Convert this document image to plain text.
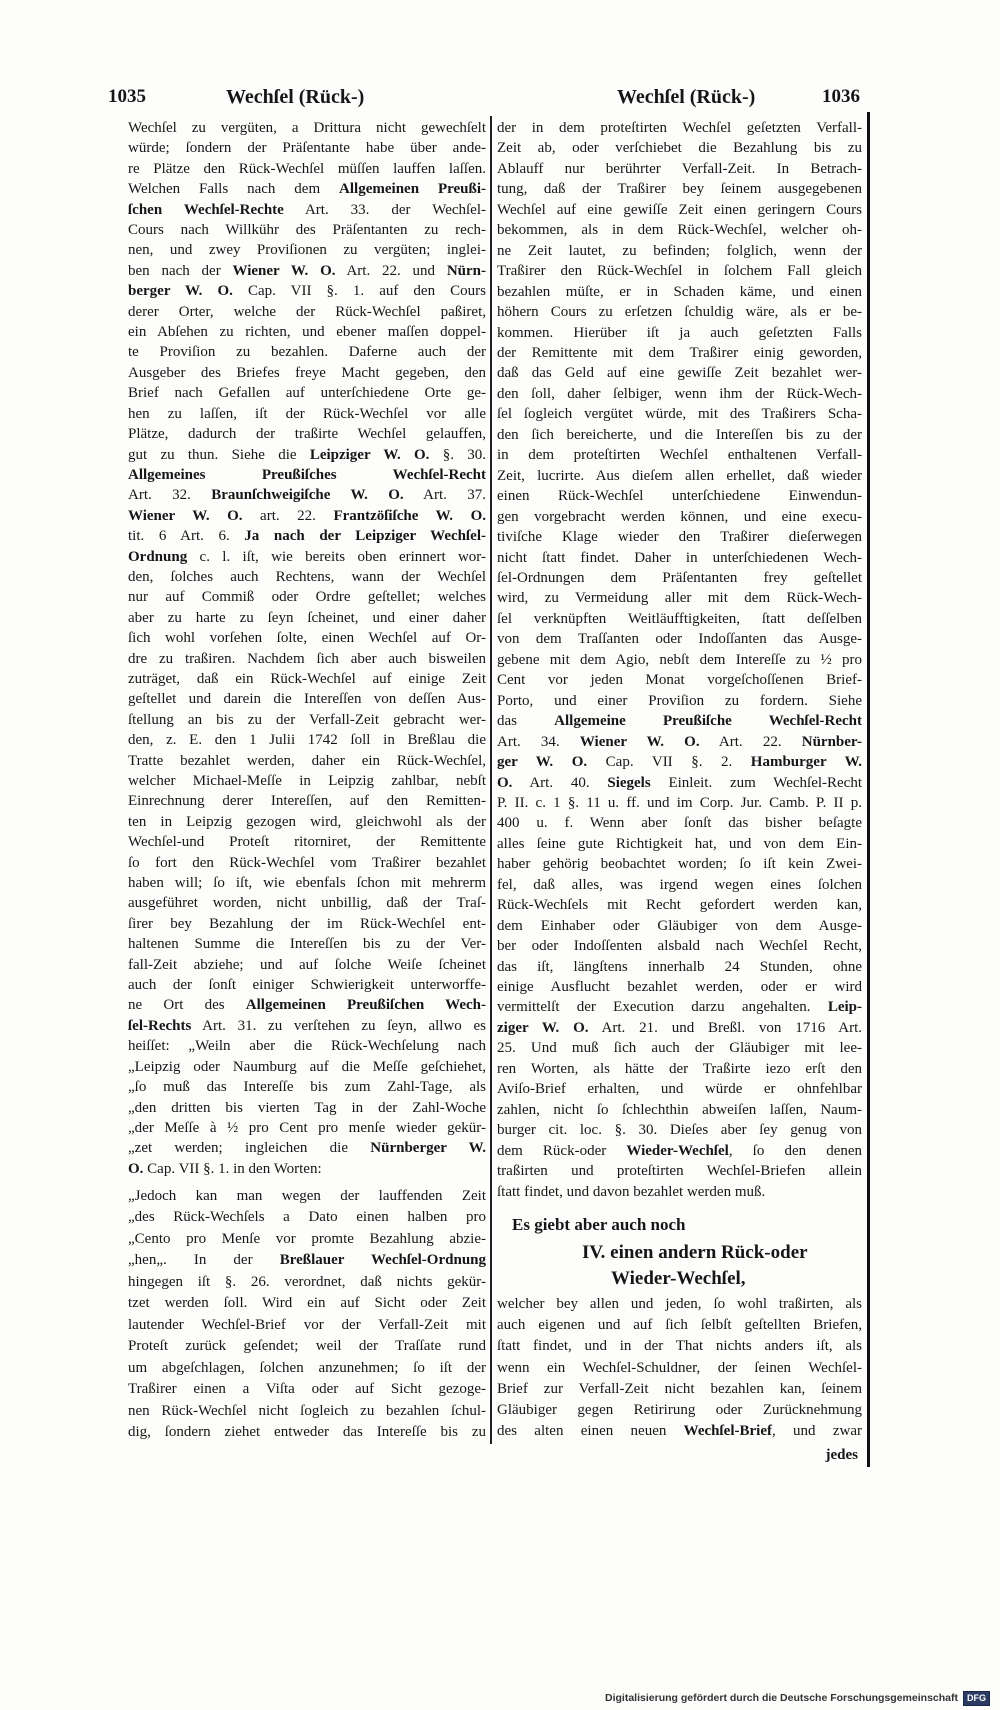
1035	Wechſel (Rück-)	Wechſel (Rück-)	1036
Wechſel zu vergüten, a Drittura nicht gewechſelt
würde; ſondern der Präſentante habe über ande-
re Plätze den Rück-Wechſel müſſen lauffen laſſen.
Welchen Falls nach dem Allgemeinen Preußi-
ſchen Wechſel-Rechte Art. 33. der Wechſel-
Cours nach Willkühr des Präſentanten zu rech-
nen, und zwey Proviſionen zu vergüten; inglei-
ben nach der Wiener W. O. Art. 22. und Nürn-
berger W. O. Cap. VII §. 1. auf den Cours
derer Orter, welche der Rück-Wechſel paßiret,
ein Abſehen zu richten, und ebener maſſen doppel-
te Proviſion zu bezahlen. Daferne auch der
Ausgeber des Briefes freye Macht gegeben, den
Brief nach Gefallen auf unterſchiedene Orte ge-
hen zu laſſen, iſt der Rück-Wechſel vor alle
Plätze, dadurch der traßirte Wechſel gelauffen,
gut zu thun. Siehe die Leipziger W. O. §. 30.
Allgemeines Preußiſches Wechſel-Recht
Art. 32. Braunſchweigiſche W. O. Art. 37.
Wiener W. O. art. 22. Frantzöſiſche W. O.
tit. 6 Art. 6. Ja nach der Leipziger Wechſel-
Ordnung c. l. iſt, wie bereits oben erinnert wor-
den, ſolches auch Rechtens, wann der Wechſel
nur auf Commiß oder Ordre geſtellet; welches
aber zu harte zu ſeyn ſcheinet, und einer daher
ſich wohl vorſehen ſolte, einen Wechſel auf Or-
dre zu traßiren. Nachdem ſich aber auch bisweilen
zuträget, daß ein Rück-Wechſel auf einige Zeit
geſtellet und darein die Intereſſen von deſſen Aus-
ſtellung an bis zu der Verfall-Zeit gebracht wer-
den, z. E. den 1 Julii 1742 ſoll in Breßlau die
Tratte bezahlet werden, daher ein Rück-Wechſel,
welcher Michael-Meſſe in Leipzig zahlbar, nebſt
Einrechnung derer Intereſſen, auf den Remitten-
ten in Leipzig gezogen wird, gleichwohl als der
Wechſel-und Proteſt ritorniret, der Remittente
ſo fort den Rück-Wechſel vom Traßirer bezahlet
haben will; ſo iſt, wie ebenfals ſchon mit mehrerm
ausgeführet worden, nicht unbillig, daß der Traſ-
ſirer bey Bezahlung der im Rück-Wechſel ent-
haltenen Summe die Intereſſen bis zu der Ver-
fall-Zeit abziehe; und auf ſolche Weiſe ſcheinet
auch der ſonſt einiger Schwierigkeit unterworffe-
ne Ort des Allgemeinen Preußiſchen Wech-
ſel-Rechts Art. 31. zu verſtehen zu ſeyn, allwo es
heiſſet: „Weiln aber die Rück-Wechſelung nach
„Leipzig oder Naumburg auf die Meſſe geſchiehet,
„ſo muß das Intereſſe bis zum Zahl-Tage, als
„den dritten bis vierten Tag in der Zahl-Woche
„der Meſſe à ½ pro Cent pro menſe wieder gekür-
„zet werden; ingleichen die Nürnberger W.
O. Cap. VII §. 1. in den Worten:
„Jedoch kan man wegen der lauffenden Zeit
„des Rück-Wechſels a Dato einen halben pro
„Cento pro Menſe vor promte Bezahlung abzie-
„hen„. In der Breßlauer Wechſel-Ordnung
hingegen iſt §. 26. verordnet, daß nichts gekür-
tzet werden ſoll. Wird ein auf Sicht oder Zeit
lautender Wechſel-Brief vor der Verfall-Zeit mit
Proteſt zurück geſendet; weil der Traſſate rund
um abgeſchlagen, ſolchen anzunehmen; ſo iſt der
Traßirer einen a Viſta oder auf Sicht gezoge-
nen Rück-Wechſel nicht ſogleich zu bezahlen ſchul-
dig, ſondern ziehet entweder das Intereſſe bis zu
der in dem proteſtirten Wechſel geſetzten Verfall-
Zeit ab, oder verſchiebet die Bezahlung bis zu
Ablauff nur berührter Verfall-Zeit. In Betrach-
tung, daß der Traßirer bey ſeinem ausgegebenen
Wechſel auf eine gewiſſe Zeit einen geringern Cours
bekommen, als in dem Rück-Wechſel, welcher oh-
ne Zeit lautet, zu befinden; folglich, wenn der
Traßirer den Rück-Wechſel in ſolchem Fall gleich
bezahlen müſte, er in Schaden käme, und einen
höhern Cours zu erſetzen ſchuldig wäre, als er be-
kommen. Hierüber iſt ja auch geſetzten Falls
der Remittente mit dem Traßirer einig geworden,
daß das Geld auf eine gewiſſe Zeit bezahlet wer-
den ſoll, daher ſelbiger, wenn ihm der Rück-Wech-
ſel ſogleich vergütet würde, mit des Traßirers Scha-
den ſich bereicherte, und die Intereſſen bis zu der
in dem proteſtirten Wechſel enthaltenen Verfall-
Zeit, lucrirte. Aus dieſem allen erhellet, daß wieder
einen Rück-Wechſel unterſchiedene Einwendun-
gen vorgebracht werden können, und eine execu-
tiviſche Klage wieder den Traßirer dieſerwegen
nicht ſtatt findet. Daher in unterſchiedenen Wech-
ſel-Ordnungen dem Präſentanten frey geſtellet
wird, zu Vermeidung aller mit dem Rück-Wech-
ſel verknüpften Weitläufftigkeiten, ſtatt deſſelben
von dem Traſſanten oder Indoſſanten das Ausge-
gebene mit dem Agio, nebſt dem Intereſſe zu ½ pro
Cent vor jeden Monat vorgeſchoſſenen Brief-
Porto, und einer Proviſion zu fordern. Siehe
das Allgemeine Preußiſche Wechſel-Recht
Art. 34. Wiener W. O. Art. 22. Nürnber-
ger W. O. Cap. VII §. 2. Hamburger W.
O. Art. 40. Siegels Einleit. zum Wechſel-Recht
P. II. c. 1 §. 11 u. ff. und im Corp. Jur. Camb. P. II p.
400 u. f. Wenn aber ſonſt das bisher beſagte
alles ſeine gute Richtigkeit hat, und von dem Ein-
haber gehörig beobachtet worden; ſo iſt kein Zwei-
fel, daß alles, was irgend wegen eines ſolchen
Rück-Wechſels mit Recht gefordert werden kan,
dem Einhaber oder Gläubiger von dem Ausge-
ber oder Indoſſenten alsbald nach Wechſel Recht,
das iſt, längſtens innerhalb 24 Stunden, ohne
einige Ausflucht bezahlet werden, oder er wird
vermittelſt der Execution darzu angehalten. Leip-
ziger W. O. Art. 21. und Breßl. von 1716 Art.
25. Und muß ſich auch der Gläubiger mit lee-
ren Worten, als hätte der Traßirte iezo erſt den
Aviſo-Brief erhalten, und würde er ohnfehlbar
zahlen, nicht ſo ſchlechthin abweiſen laſſen, Naum-
burger cit. loc. §. 30. Dieſes aber ſey genug von
dem Rück-oder Wieder-Wechſel, ſo den denen
traßirten und proteſtirten Wechſel-Briefen allein
ſtatt findet, und davon bezahlet werden muß.
Es giebt aber auch noch
IV. einen andern Rück-oder
Wieder-Wechſel,
welcher bey allen und jeden, ſo wohl traßirten, als
auch eigenen und auf ſich ſelbſt geſtellten Briefen,
ſtatt findet, und in der That nichts anders iſt, als
wenn ein Wechſel-Schuldner, der ſeinen Wechſel-
Brief zur Verfall-Zeit nicht bezahlen kan, ſeinem
Gläubiger gegen Retirirung oder Zurücknehmung
des alten einen neuen Wechſel-Brief, und zwar
jedes
Digitalisierung gefördert durch die Deutsche Forschungsgemeinschaft	DFG
